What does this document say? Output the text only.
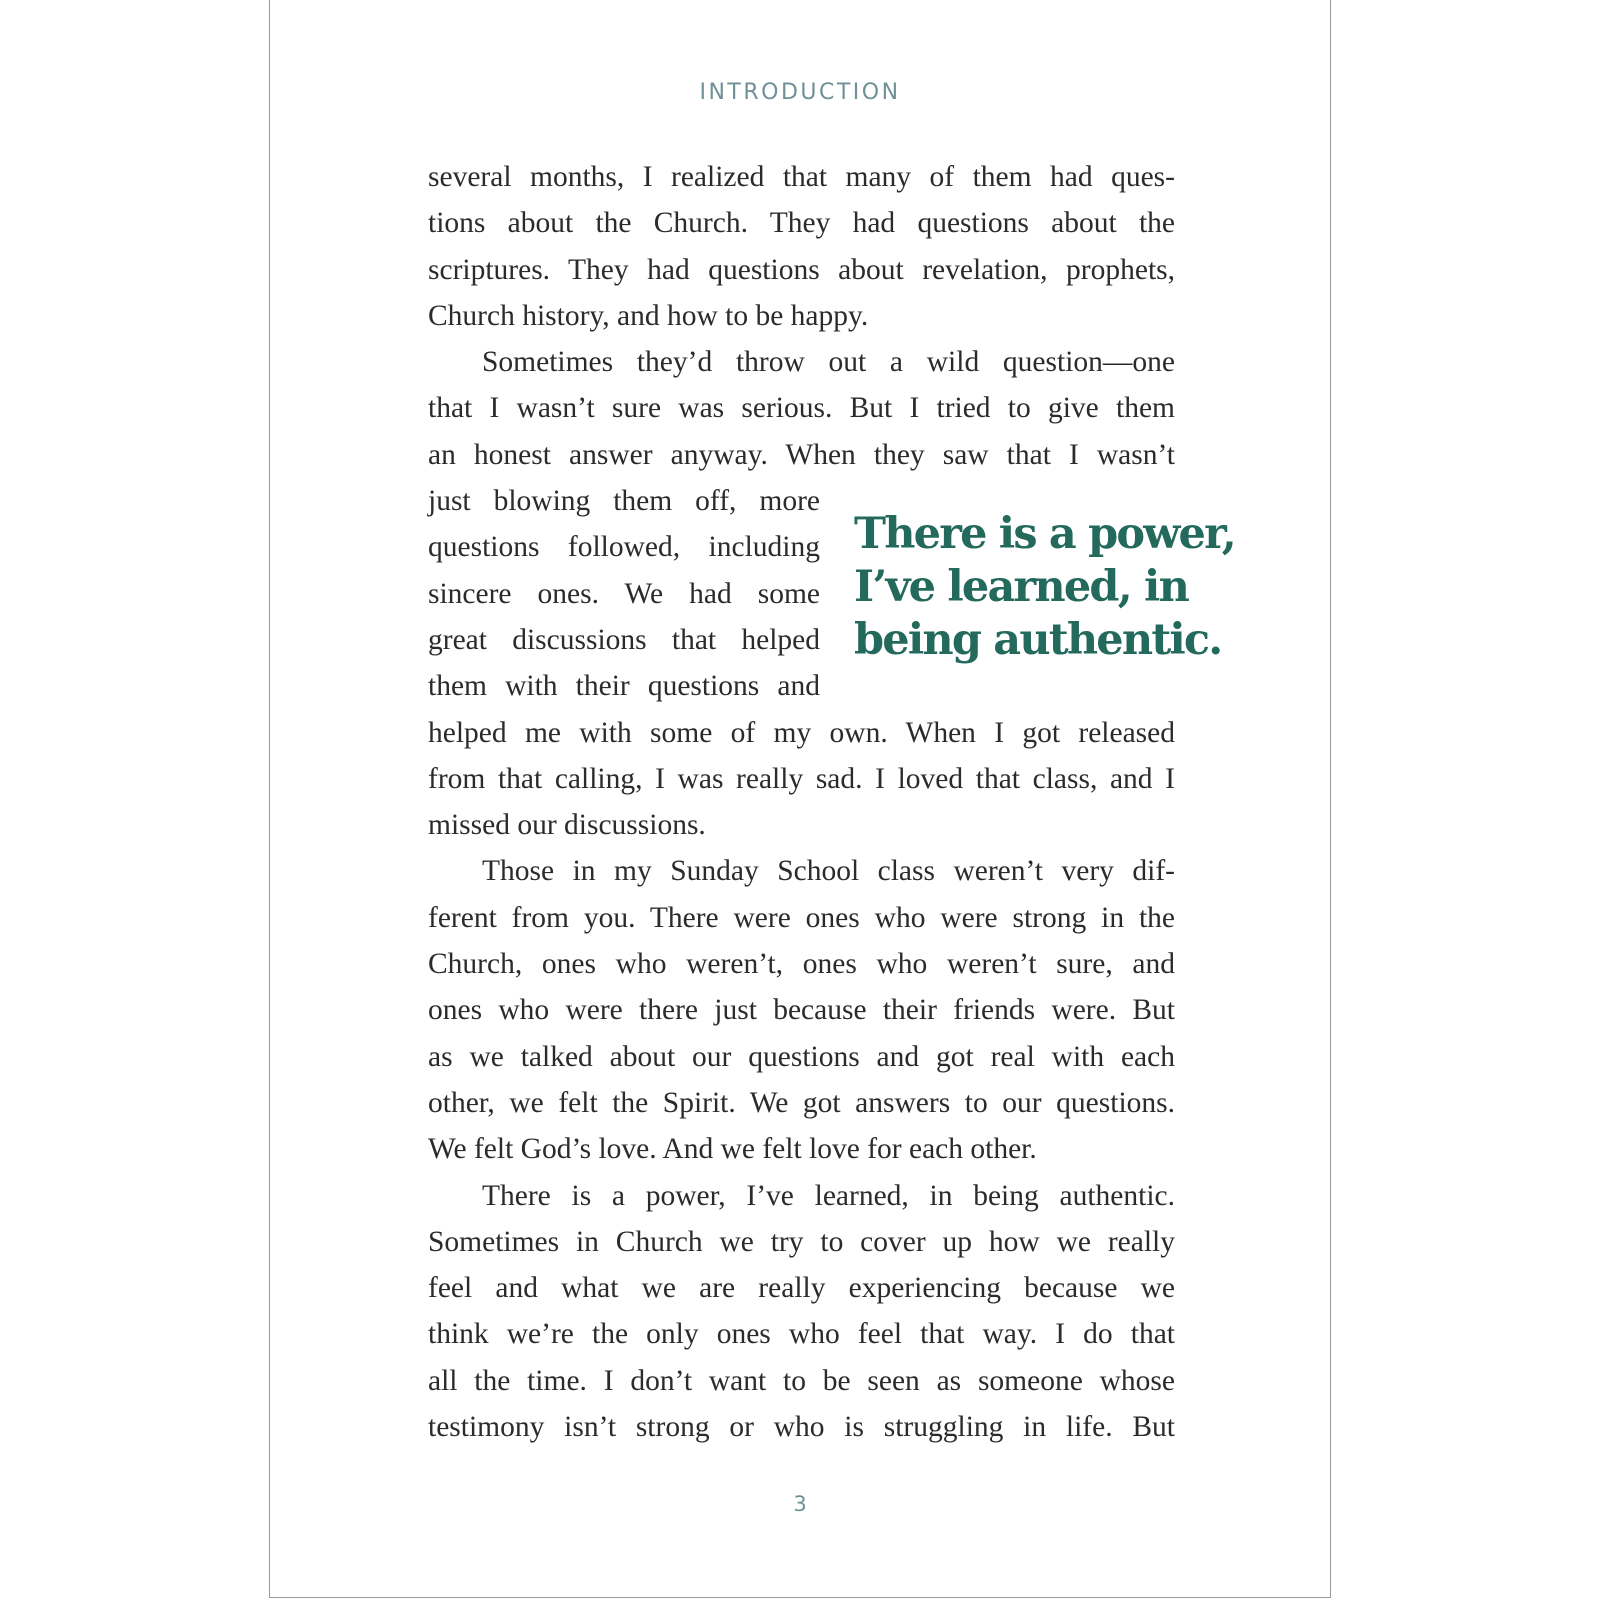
INTRODUCTION
several months, I realized that many of them had ques-
tions about the Church. They had questions about the
scriptures. They had questions about revelation, prophets,
Church history, and how to be happy.
Sometimes they’d throw out a wild question—one
that I wasn’t sure was serious. But I tried to give them
an honest answer anyway. When they saw that I wasn’t
just blowing them off, more
questions followed, including
sincere ones. We had some
great discussions that helped
them with their questions and
helped me with some of my own. When I got released
from that calling, I was really sad. I loved that class, and I
missed our discussions.
Those in my Sunday School class weren’t very dif-
ferent from you. There were ones who were strong in the
Church, ones who weren’t, ones who weren’t sure, and
ones who were there just because their friends were. But
as we talked about our questions and got real with each
other, we felt the Spirit. We got answers to our questions.
We felt God’s love. And we felt love for each other.
There is a power, I’ve learned, in being authentic.
Sometimes in Church we try to cover up how we really
feel and what we are really experiencing because we
think we’re the only ones who feel that way. I do that
all the time. I don’t want to be seen as someone whose
testimony isn’t strong or who is struggling in life. But
There is a power,
I’ve learned, in
being authentic.
3
